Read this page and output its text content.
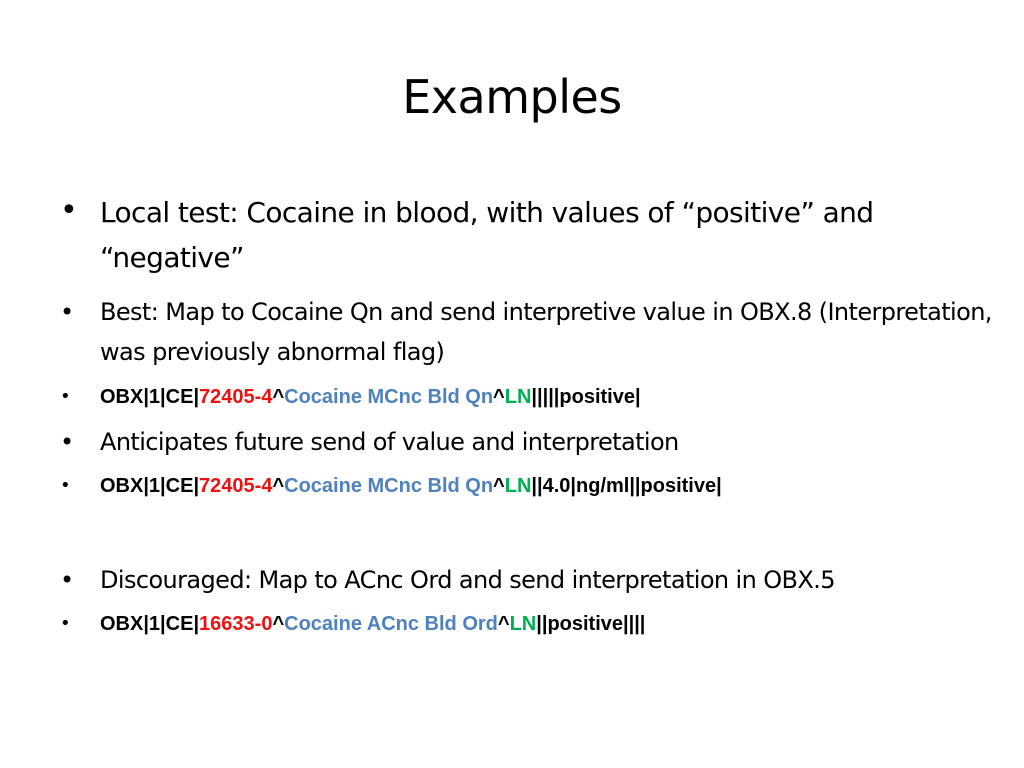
Examples
• Local test: Cocaine in blood, with values of “positive” and “negative”
• Best: Map to Cocaine Qn and send interpretive value in OBX.8 (Interpretation, was previously abnormal flag)
• OBX|1|CE|72405-4^Cocaine MCnc Bld Qn^LN|||||positive|
• Anticipates future send of value and interpretation
• OBX|1|CE|72405-4^Cocaine MCnc Bld Qn^LN||4.0|ng/ml||positive|
• Discouraged: Map to ACnc Ord and send interpretation in OBX.5
• OBX|1|CE|16633-0^Cocaine ACnc Bld Ord^LN||positive||||
